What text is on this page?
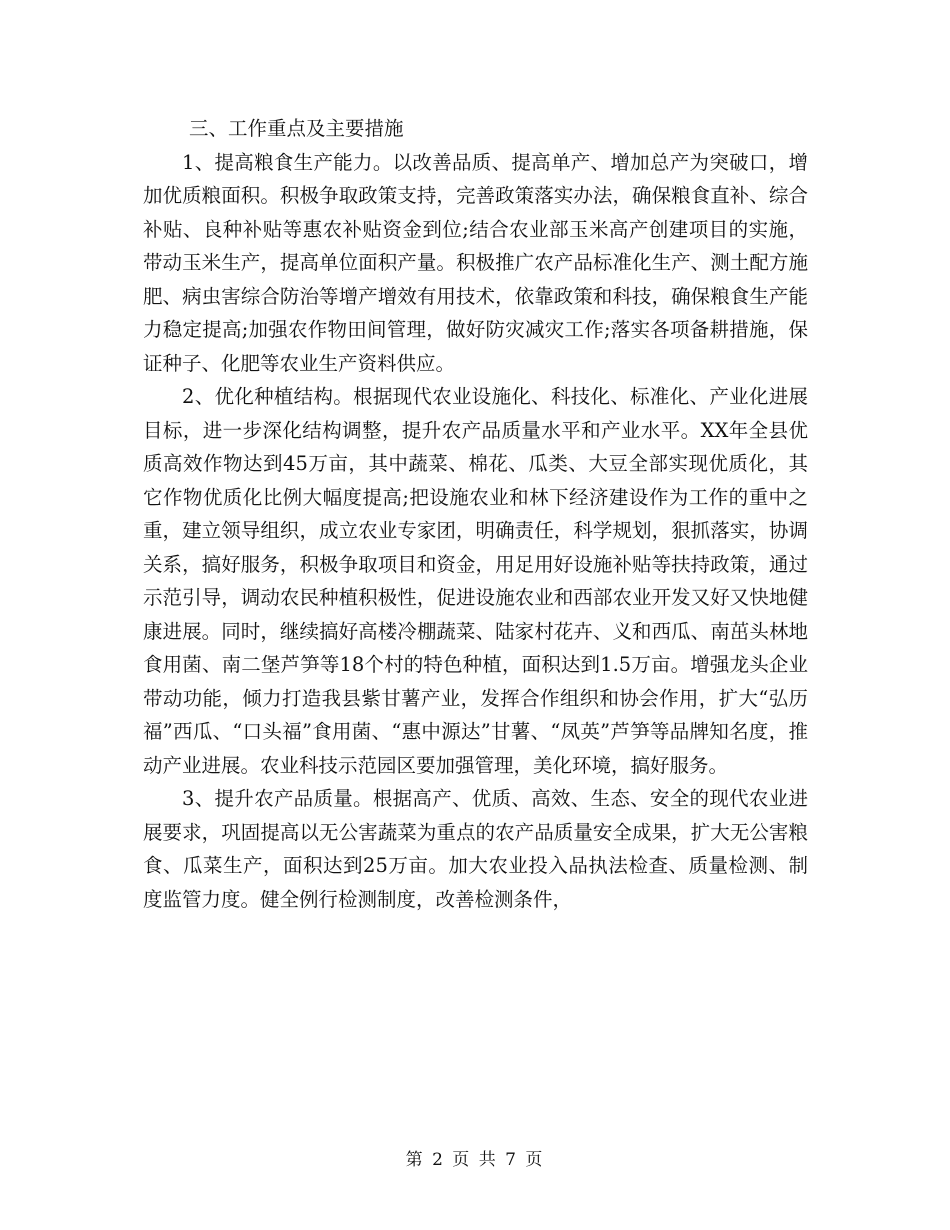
三、工作重点及主要措施

1、提高粮食生产能力。以改善品质、提高单产、增加总产为突破口，增加优质粮面积。积极争取政策支持，完善政策落实办法，确保粮食直补、综合补贴、良种补贴等惠农补贴资金到位;结合农业部玉米高产创建项目的实施，带动玉米生产，提高单位面积产量。积极推广农产品标准化生产、测土配方施肥、病虫害综合防治等增产增效有用技术，依靠政策和科技，确保粮食生产能力稳定提高;加强农作物田间管理，做好防灾减灾工作;落实各项备耕措施，保证种子、化肥等农业生产资料供应。

2、优化种植结构。根据现代农业设施化、科技化、标准化、产业化进展目标，进一步深化结构调整，提升农产品质量水平和产业水平。XX年全县优质高效作物达到45万亩，其中蔬菜、棉花、瓜类、大豆全部实现优质化，其它作物优质化比例大幅度提高;把设施农业和林下经济建设作为工作的重中之重，建立领导组织，成立农业专家团，明确责任，科学规划，狠抓落实，协调关系，搞好服务，积极争取项目和资金，用足用好设施补贴等扶持政策，通过示范引导，调动农民种植积极性，促进设施农业和西部农业开发又好又快地健康进展。同时，继续搞好高楼冷棚蔬菜、陆家村花卉、义和西瓜、南茁头林地食用菌、南二堡芦笋等18个村的特色种植，面积达到1.5万亩。增强龙头企业带动功能，倾力打造我县紫甘薯产业，发挥合作组织和协会作用，扩大“弘历福”西瓜、“口头福”食用菌、“惠中源达”甘薯、“凤英”芦笋等品牌知名度，推动产业进展。农业科技示范园区要加强管理，美化环境，搞好服务。

3、提升农产品质量。根据高产、优质、高效、生态、安全的现代农业进展要求，巩固提高以无公害蔬菜为重点的农产品质量安全成果，扩大无公害粮食、瓜菜生产，面积达到25万亩。加大农业投入品执法检查、质量检测、制度监管力度。健全例行检测制度，改善检测条件，

第 2 页 共 7 页
